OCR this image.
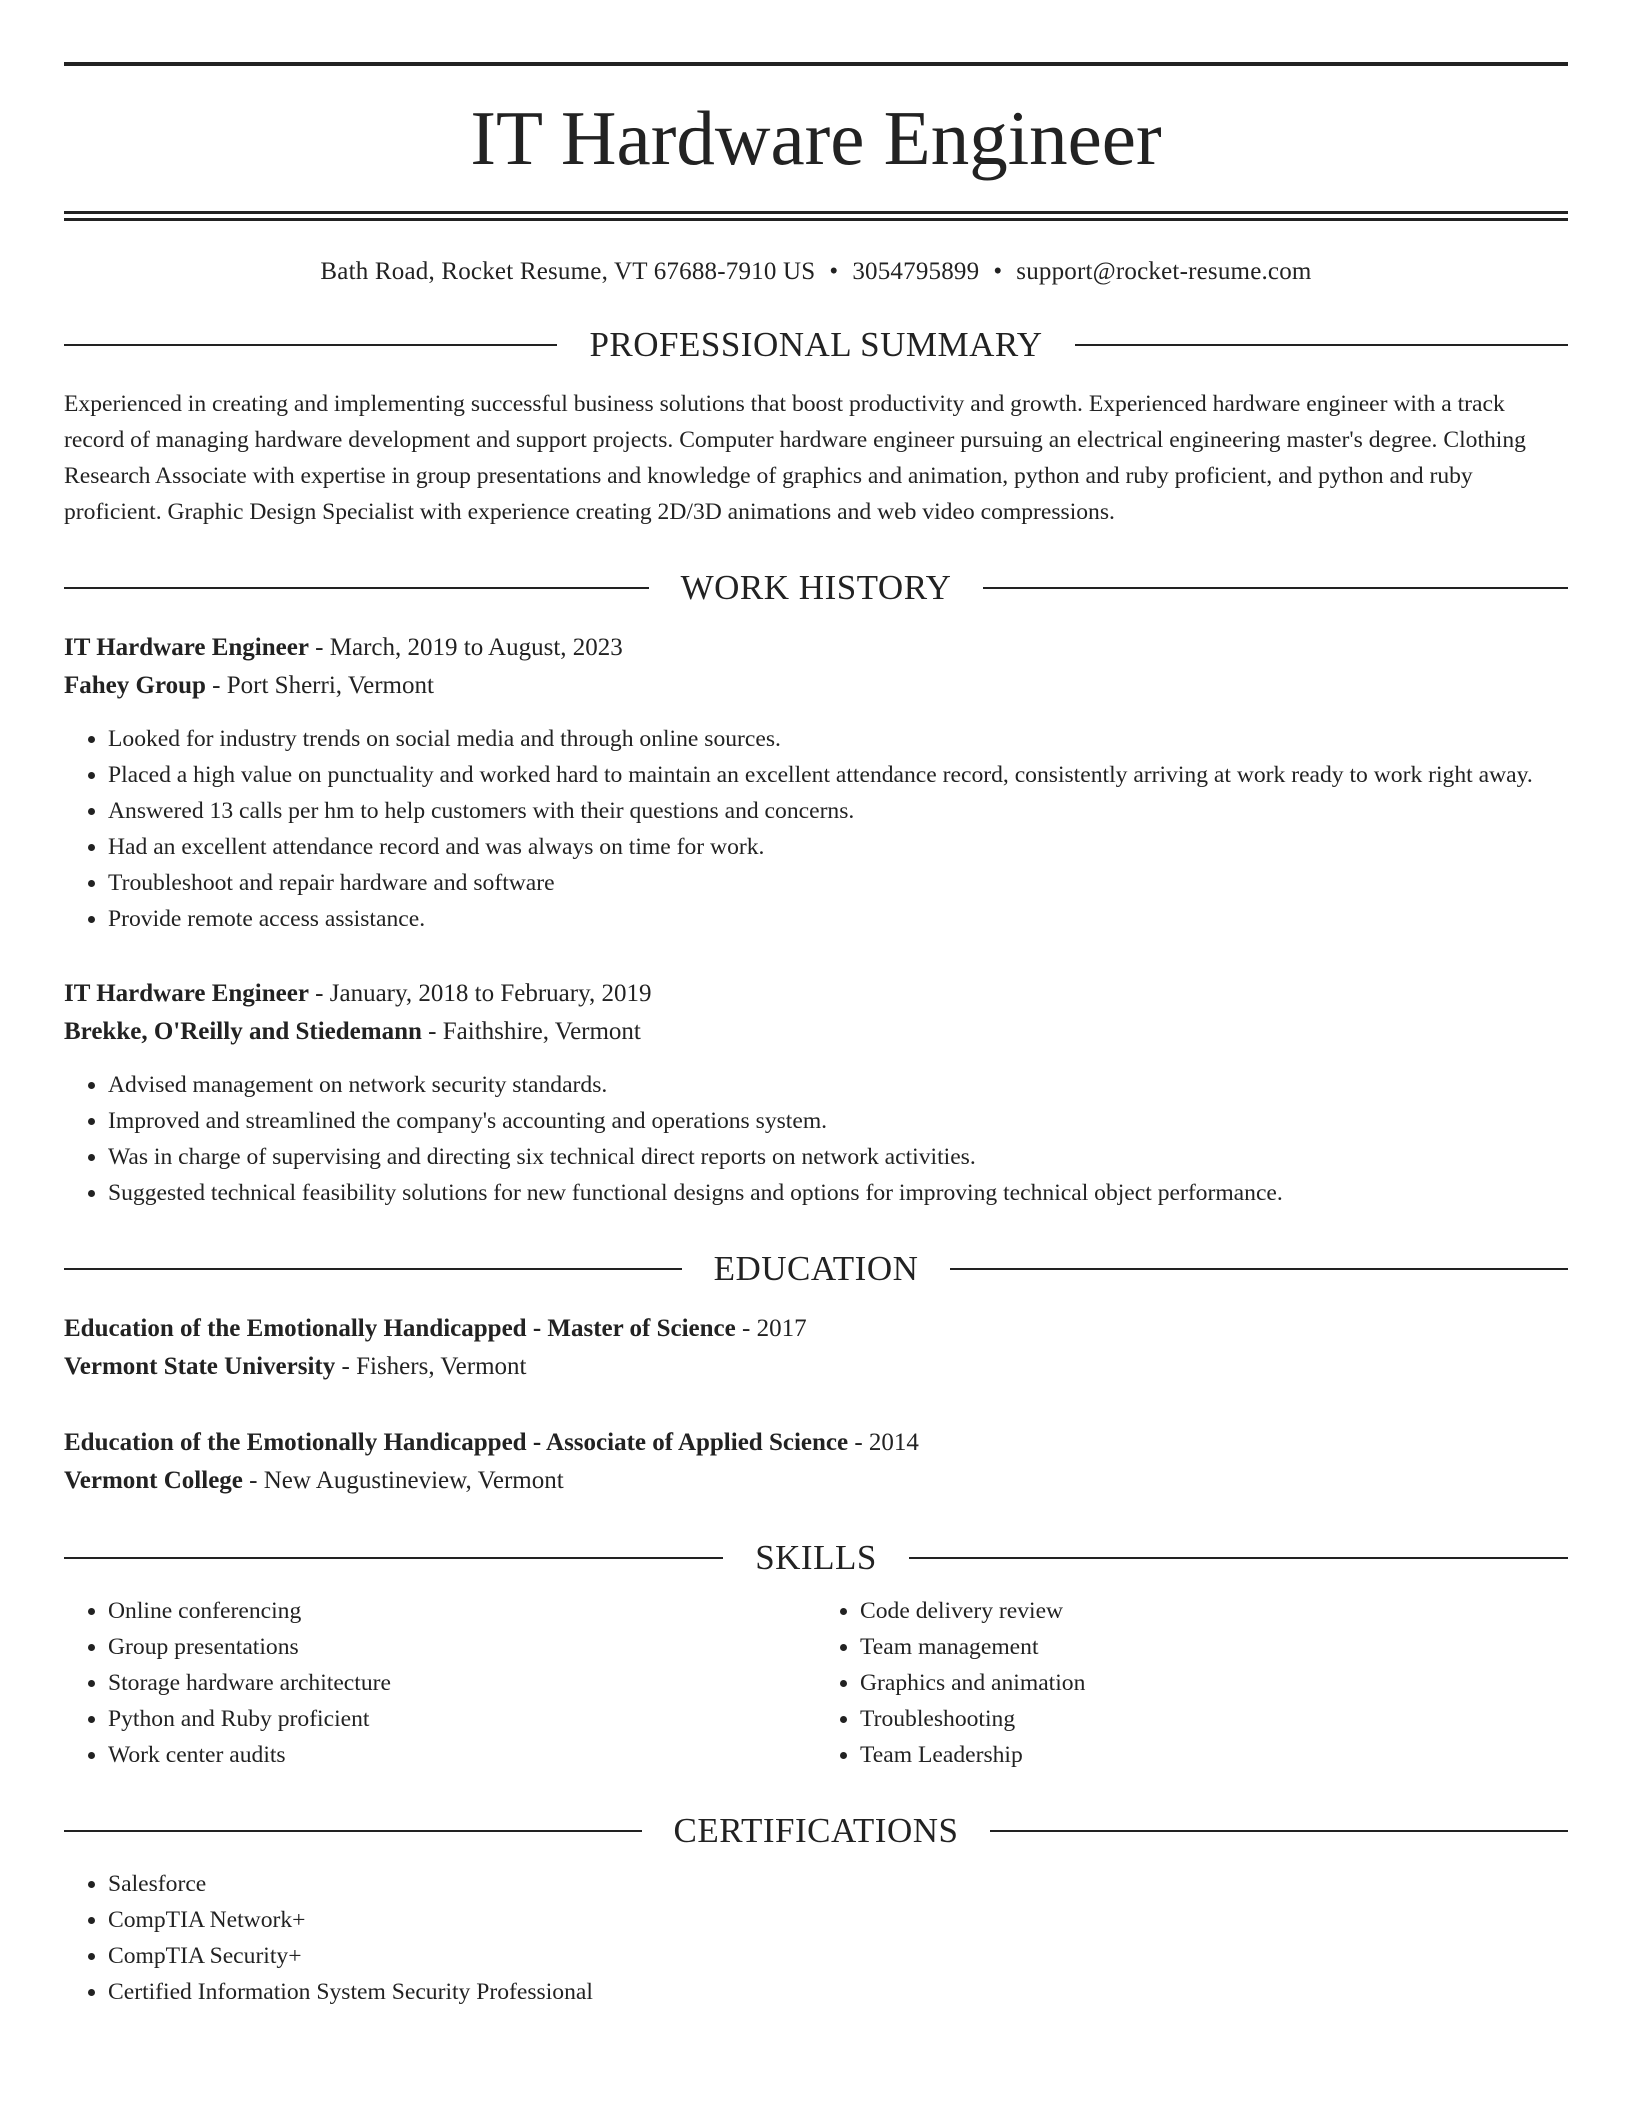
IT Hardware Engineer
Bath Road, Rocket Resume, VT 67688-7910 US • 3054795899 • support@rocket-resume.com
PROFESSIONAL SUMMARY

Experienced in creating and implementing successful business solutions that boost productivity and growth. Experienced hardware engineer with a track record of managing hardware development and support projects. Computer hardware engineer pursuing an electrical engineering master's degree. Clothing Research Associate with expertise in group presentations and knowledge of graphics and animation, python and ruby proficient, and python and ruby proficient. Graphic Design Specialist with experience creating 2D/3D animations and web video compressions.

WORK HISTORY
IT Hardware Engineer - March, 2019 to August, 2023
Fahey Group - Port Sherri, Vermont
• Looked for industry trends on social media and through online sources.
• Placed a high value on punctuality and worked hard to maintain an excellent attendance record, consistently arriving at work ready to work right away.
• Answered 13 calls per hm to help customers with their questions and concerns.
• Had an excellent attendance record and was always on time for work.
• Troubleshoot and repair hardware and software
• Provide remote access assistance.
IT Hardware Engineer - January, 2018 to February, 2019
Brekke, O'Reilly and Stiedemann - Faithshire, Vermont
• Advised management on network security standards.
• Improved and streamlined the company's accounting and operations system.
• Was in charge of supervising and directing six technical direct reports on network activities.
• Suggested technical feasibility solutions for new functional designs and options for improving technical object performance.
EDUCATION
Education of the Emotionally Handicapped - Master of Science - 2017
Vermont State University - Fishers, Vermont
Education of the Emotionally Handicapped - Associate of Applied Science - 2014
Vermont College - New Augustineview, Vermont
SKILLS
• Online conferencing
• Group presentations
• Storage hardware architecture
• Python and Ruby proficient
• Work center audits
• Code delivery review
• Team management
• Graphics and animation
• Troubleshooting
• Team Leadership
CERTIFICATIONS
• Salesforce
• CompTIA Network+
• CompTIA Security+
• Certified Information System Security Professional
